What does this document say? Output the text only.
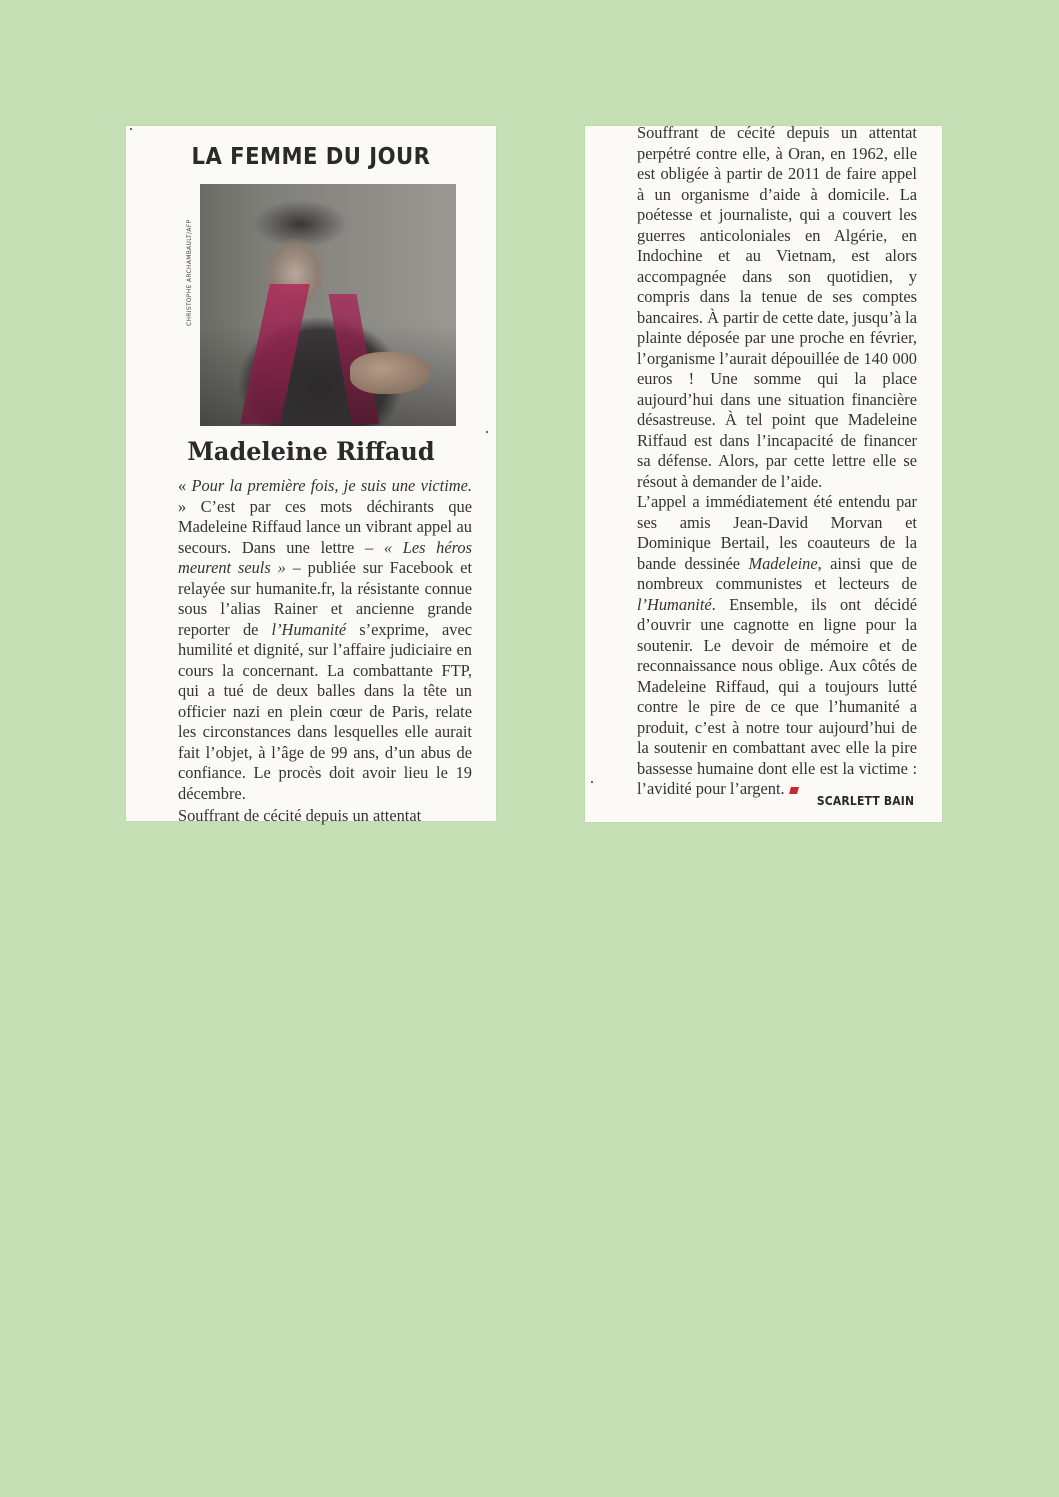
LA FEMME DU JOUR
CHRISTOPHE ARCHAMBAULT/AFP
Madeleine Riffaud

« Pour la première fois, je suis une victime. » C’est par ces mots déchirants que Madeleine Riffaud lance un vibrant appel au secours. Dans une lettre – « Les héros meurent seuls » – publiée sur Facebook et relayée sur humanite.fr, la résistante connue sous l’alias Rainer et ancienne grande reporter de l’Humanité s’exprime, avec humilité et dignité, sur l’affaire judiciaire en cours la concernant. La combattante FTP, qui a tué de deux balles dans la tête un officier nazi en plein cœur de Paris, relate les circonstances dans lesquelles elle aurait fait l’objet, à l’âge de 99 ans, d’un abus de confiance. Le procès doit avoir lieu le 19 décembre.

Souffrant de cécité depuis un attentat

Souffrant de cécité depuis un attentat perpétré contre elle, à Oran, en 1962, elle est obligée à partir de 2011 de faire appel à un organisme d’aide à domicile. La poétesse et journaliste, qui a couvert les guerres anticoloniales en Algérie, en Indochine et au Vietnam, est alors accompagnée dans son quotidien, y compris dans la tenue de ses comptes bancaires. À partir de cette date, jusqu’à la plainte déposée par une proche en février, l’organisme l’aurait dépouillée de 140 000 euros ! Une somme qui la place aujourd’hui dans une situation financière désastreuse. À tel point que Madeleine Riffaud est dans l’incapacité de financer sa défense. Alors, par cette lettre elle se résout à demander de l’aide.

L’appel a immédiatement été entendu par ses amis Jean-David Morvan et Dominique Bertail, les coauteurs de la bande dessinée Madeleine, ainsi que de nombreux communistes et lecteurs de l’Humanité. Ensemble, ils ont décidé d’ouvrir une cagnotte en ligne pour la soutenir. Le devoir de mémoire et de reconnaissance nous oblige. Aux côtés de Madeleine Riffaud, qui a toujours lutté contre le pire de ce que l’humanité a produit, c’est à notre tour aujourd’hui de la soutenir en combattant avec elle la pire bassesse humaine dont elle est la victime : l’avidité pour l’argent.

SCARLETT BAIN
